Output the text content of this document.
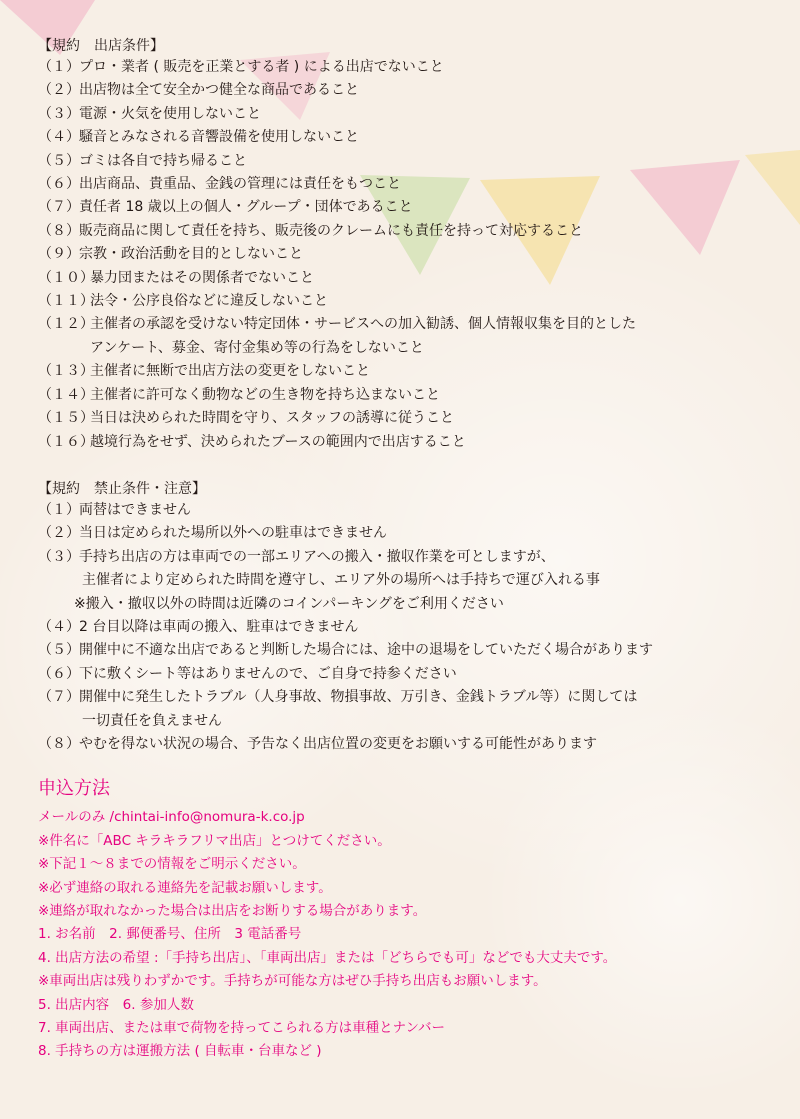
【規約　出店条件】
（１） プロ・業者 ( 販売を正業とする者 ) による出店でないこと
（２） 出店物は全て安全かつ健全な商品であること
（３） 電源・火気を使用しないこと
（４） 騒音とみなされる音響設備を使用しないこと
（５） ゴミは各自で持ち帰ること
（６） 出店商品、貴重品、金銭の管理には責任をもつこと
（７） 責任者 18 歳以上の個人・グループ・団体であること
（８） 販売商品に関して責任を持ち、販売後のクレームにも責任を持って対応すること
（９） 宗教・政治活動を目的としないこと
（１０）
暴力団またはその関係者でないこと
（１１）
法令・公序良俗などに違反しないこと
（１２）
主催者の承認を受けない特定団体・サービスへの加入勧誘、個人情報収集を目的とした
アンケート、募金、寄付金集め等の行為をしないこと
（１３）
主催者に無断で出店方法の変更をしないこと
（１４）
主催者に許可なく動物などの生き物を持ち込まないこと
（１５）
当日は決められた時間を守り、スタッフの誘導に従うこと
（１６）
越境行為をせず、決められたブースの範囲内で出店すること
【規約　禁止条件・注意】
（１） 両替はできません
（２） 当日は定められた場所以外への駐車はできません
（３） 手持ち出店の方は車両での一部エリアへの搬入・撤収作業を可としますが、
主催者により定められた時間を遵守し、エリア外の場所へは手持ちで運び入れる事
※搬入・撤収以外の時間は近隣のコインパーキングをご利用ください
（４） 2 台目以降は車両の搬入、駐車はできません
（５） 開催中に不適な出店であると判断した場合には、途中の退場をしていただく場合があります
（６） 下に敷くシート等はありませんので、ご自身で持参ください
（７） 開催中に発生したトラブル（人身事故、物損事故、万引き、金銭トラブル等）に関しては
一切責任を負えません
（８） やむを得ない状況の場合、予告なく出店位置の変更をお願いする可能性があります
申込方法

メールのみ /chintai-info@nomura-k.co.jp

※件名に「ABC キラキラフリマ出店」とつけてください。

※下記１～８までの情報をご明示ください。

※必ず連絡の取れる連絡先を記載お願いします。

※連絡が取れなかった場合は出店をお断りする場合があります。

1. お名前　2. 郵便番号、住所　3 電話番号

4. 出店方法の希望 :「手持ち出店」、「車両出店」または「どちらでも可」などでも大丈夫です。

※車両出店は残りわずかです。手持ちが可能な方はぜひ手持ち出店もお願いします。

5. 出店内容　6. 参加人数

7. 車両出店、または車で荷物を持ってこられる方は車種とナンバー

8. 手持ちの方は運搬方法 ( 自転車・台車など )
